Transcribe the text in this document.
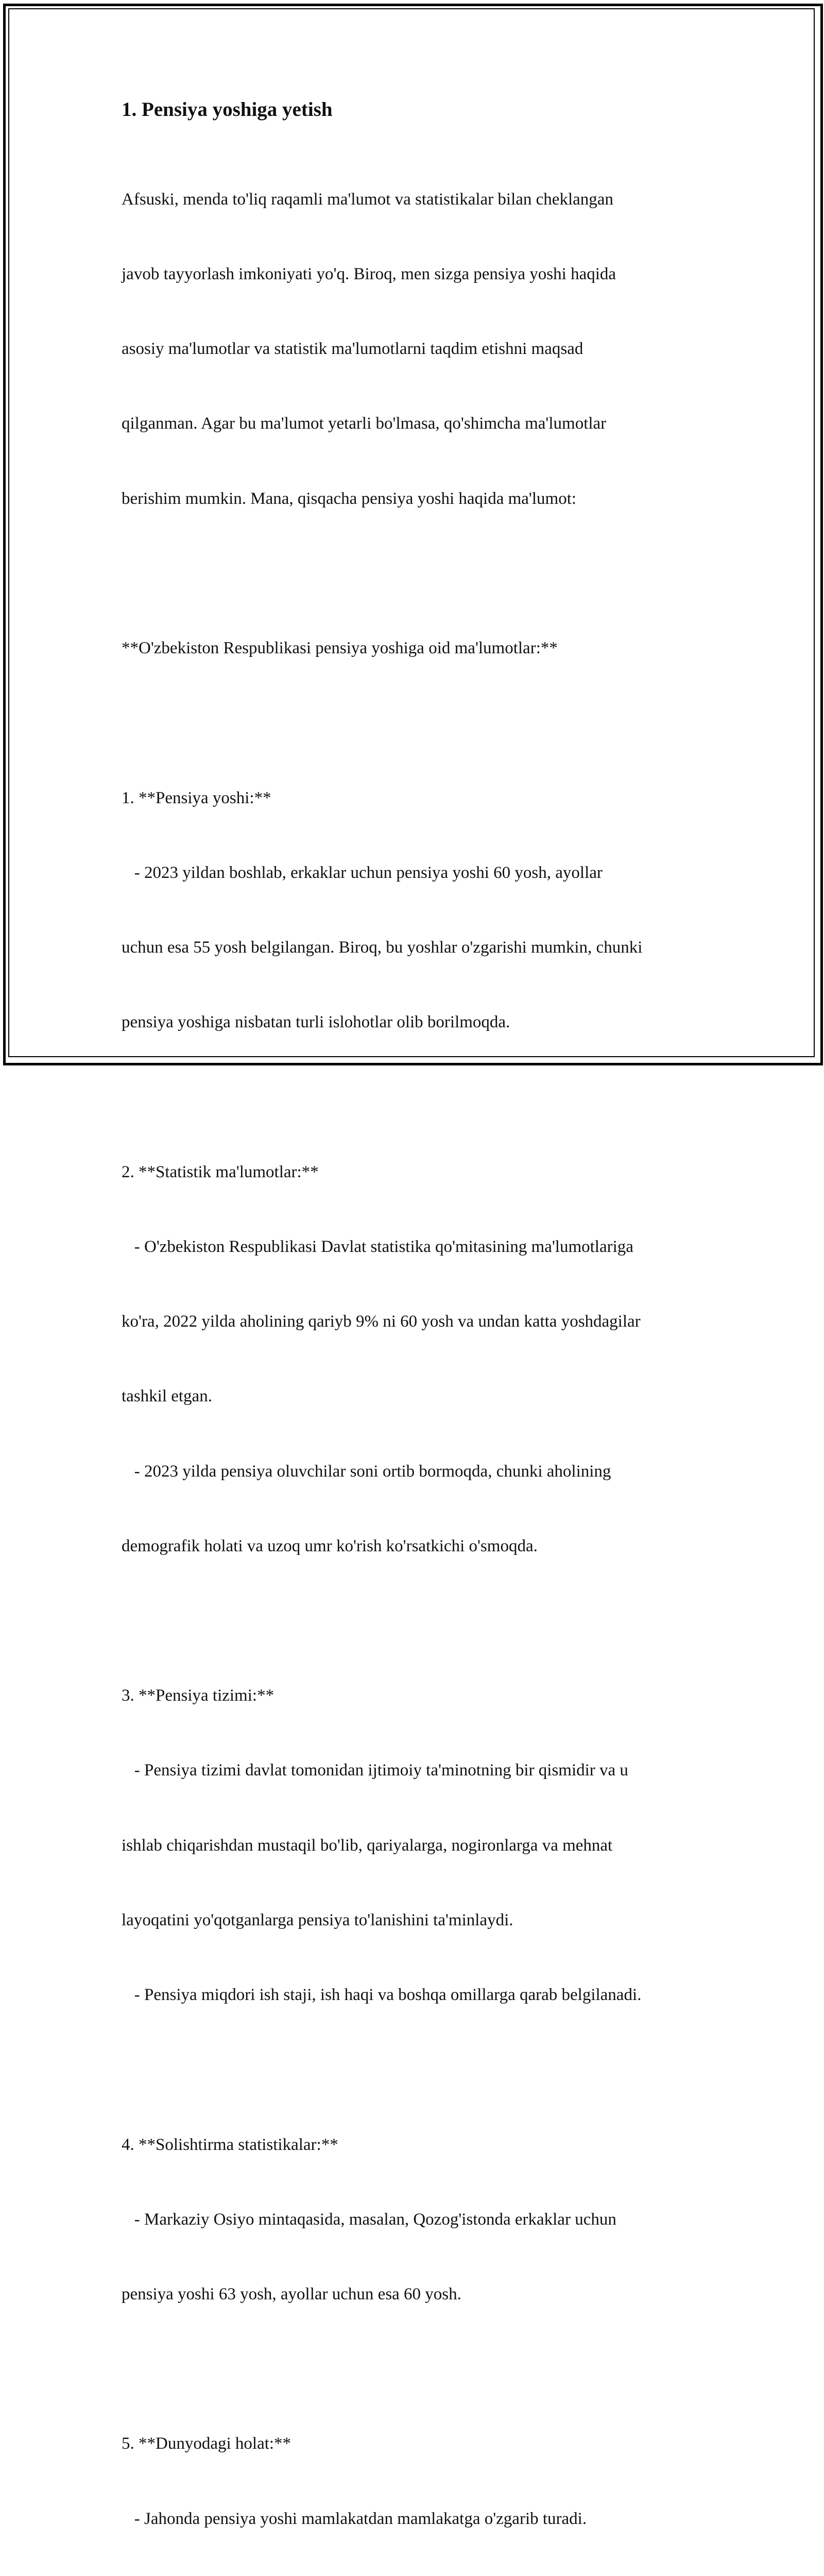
1. Pensiya yoshiga yetish

Afsuski, menda to'liq raqamli ma'lumot va statistikalar bilan cheklangan

javob tayyorlash imkoniyati yo'q. Biroq, men sizga pensiya yoshi haqida

asosiy ma'lumotlar va statistik ma'lumotlarni taqdim etishni maqsad

qilganman. Agar bu ma'lumot yetarli bo'lmasa, qo'shimcha ma'lumotlar

berishim mumkin. Mana, qisqacha pensiya yoshi haqida ma'lumot:

**O'zbekiston Respublikasi pensiya yoshiga oid ma'lumotlar:**

1. **Pensiya yoshi:**

- 2023 yildan boshlab, erkaklar uchun pensiya yoshi 60 yosh, ayollar

uchun esa 55 yosh belgilangan. Biroq, bu yoshlar o'zgarishi mumkin, chunki

pensiya yoshiga nisbatan turli islohotlar olib borilmoqda.

2. **Statistik ma'lumotlar:**

- O'zbekiston Respublikasi Davlat statistika qo'mitasining ma'lumotlariga

ko'ra, 2022 yilda aholining qariyb 9% ni 60 yosh va undan katta yoshdagilar

tashkil etgan.

- 2023 yilda pensiya oluvchilar soni ortib bormoqda, chunki aholining

demografik holati va uzoq umr ko'rish ko'rsatkichi o'smoqda.

3. **Pensiya tizimi:**

- Pensiya tizimi davlat tomonidan ijtimoiy ta'minotning bir qismidir va u

ishlab chiqarishdan mustaqil bo'lib, qariyalarga, nogironlarga va mehnat

layoqatini yo'qotganlarga pensiya to'lanishini ta'minlaydi.

- Pensiya miqdori ish staji, ish haqi va boshqa omillarga qarab belgilanadi.

4. **Solishtirma statistikalar:**

- Markaziy Osiyo mintaqasida, masalan, Qozog'istonda erkaklar uchun

pensiya yoshi 63 yosh, ayollar uchun esa 60 yosh.

5. **Dunyodagi holat:**

- Jahonda pensiya yoshi mamlakatdan mamlakatga o'zgarib turadi.
